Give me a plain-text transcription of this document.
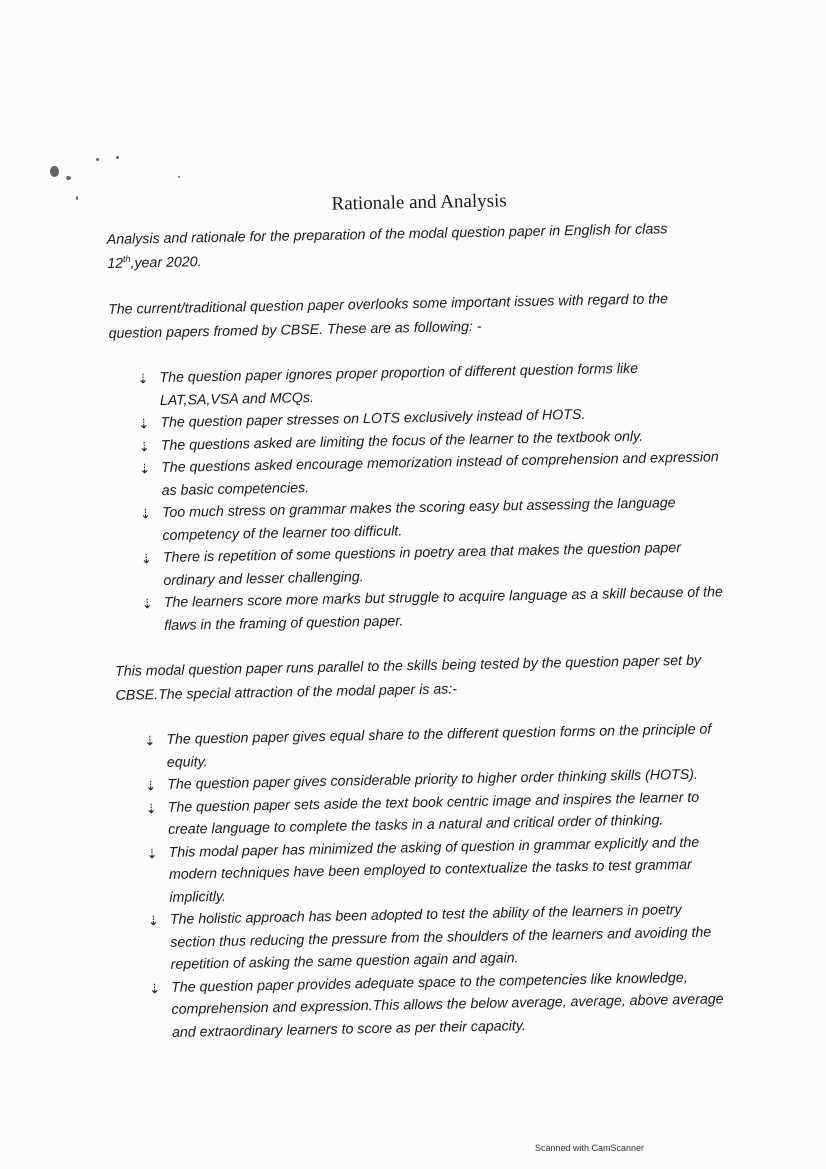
Rationale and Analysis

Analysis and rationale for the preparation of the modal question paper in English for class 12th,year 2020.

The current/traditional question paper overlooks some important issues with regard to the question papers fromed by CBSE. These are as following: -

⇣ The question paper ignores proper proportion of different question forms like LAT,SA,VSA and MCQs.
⇣ The question paper stresses on LOTS exclusively instead of HOTS.
⇣ The questions asked are limiting the focus of the learner to the textbook only.
⇣ The questions asked encourage memorization instead of comprehension and expression as basic competencies.
⇣ Too much stress on grammar makes the scoring easy but assessing the language competency of the learner too difficult.
⇣ There is repetition of some questions in poetry area that makes the question paper ordinary and lesser challenging.
⇣ The learners score more marks but struggle to acquire language as a skill because of the flaws in the framing of question paper.

This modal question paper runs parallel to the skills being tested by the question paper set by CBSE.The special attraction of the modal paper is as:-

⇣ The question paper gives equal share to the different question forms on the principle of equity.
⇣ The question paper gives considerable priority to higher order thinking skills (HOTS).
⇣ The question paper sets aside the text book centric image and inspires the learner to create language to complete the tasks in a natural and critical order of thinking.
⇣ This modal paper has minimized the asking of question in grammar explicitly and the modern techniques have been employed to contextualize the tasks to test grammar implicitly.
⇣ The holistic approach has been adopted to test the ability of the learners in poetry section thus reducing the pressure from the shoulders of the learners and avoiding the repetition of asking the same question again and again.
⇣ The question paper provides adequate space to the competencies like knowledge, comprehension and expression.This allows the below average, average, above average and extraordinary learners to score as per their capacity.
Scanned with CamScanner
